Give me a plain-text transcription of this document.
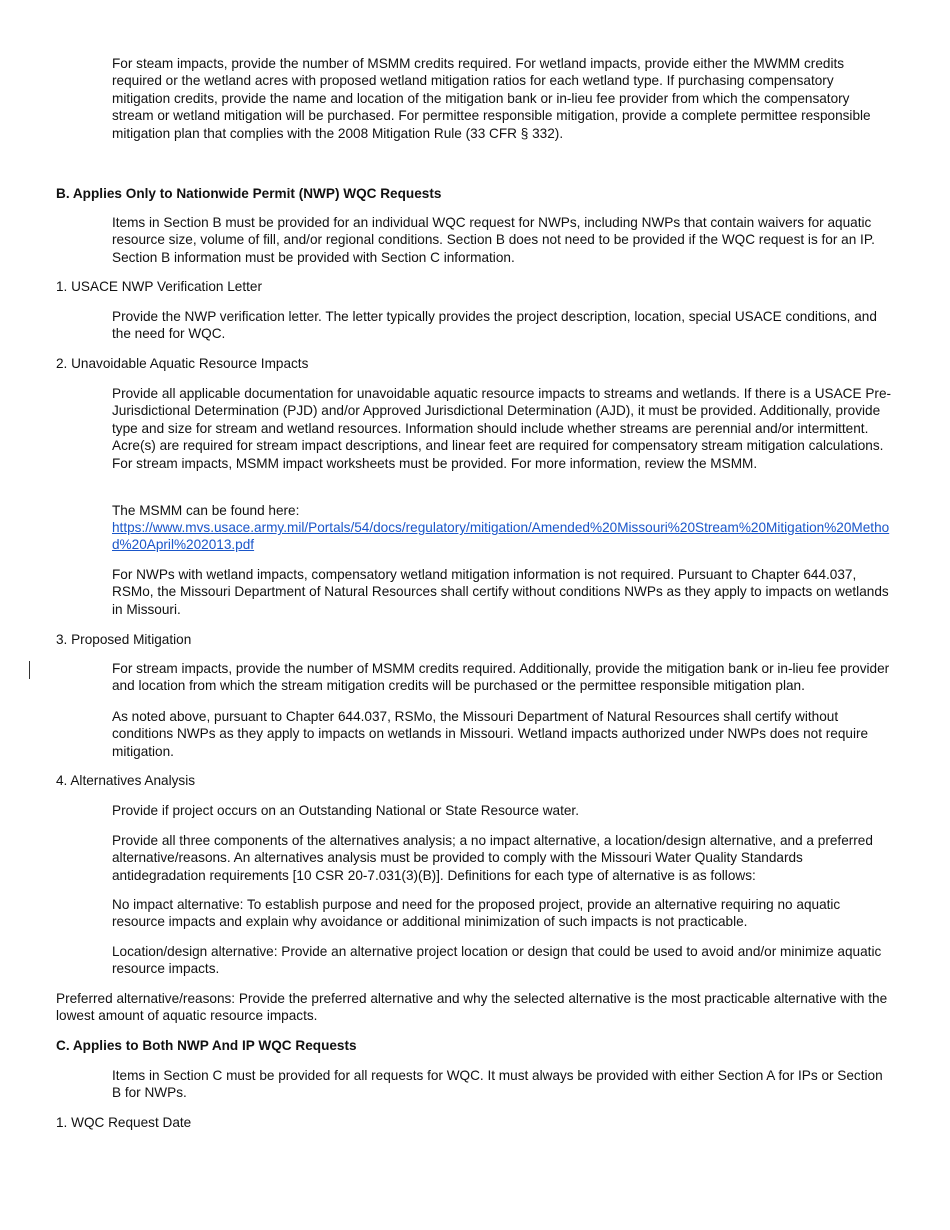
For steam impacts, provide the number of MSMM credits required. For wetland impacts, provide either the MWMM credits required or the wetland acres with proposed wetland mitigation ratios for each wetland type. If purchasing compensatory mitigation credits, provide the name and location of the mitigation bank or in-lieu fee provider from which the compensatory stream or wetland mitigation will be purchased. For permittee responsible mitigation, provide a complete permittee responsible mitigation plan that complies with the 2008 Mitigation Rule (33 CFR § 332).

B. Applies Only to Nationwide Permit (NWP) WQC Requests

Items in Section B must be provided for an individual WQC request for NWPs, including NWPs that contain waivers for aquatic resource size, volume of fill, and/or regional conditions. Section B does not need to be provided if the WQC request is for an IP. Section B information must be provided with Section C information.

1. USACE NWP Verification Letter

Provide the NWP verification letter. The letter typically provides the project description, location, special USACE conditions, and the need for WQC.

2. Unavoidable Aquatic Resource Impacts

Provide all applicable documentation for unavoidable aquatic resource impacts to streams and wetlands. If there is a USACE Pre-Jurisdictional Determination (PJD) and/or Approved Jurisdictional Determination (AJD), it must be provided. Additionally, provide type and size for stream and wetland resources. Information should include whether streams are perennial and/or intermittent. Acre(s) are required for stream impact descriptions, and linear feet are required for compensatory stream mitigation calculations. For stream impacts, MSMM impact worksheets must be provided. For more information, review the MSMM.

The MSMM can be found here:

https://www.mvs.usace.army.mil/Portals/54/docs/regulatory/mitigation/Amended%20Missouri%20Stream%20Mitigation%20Method%20April%202013.pdf

For NWPs with wetland impacts, compensatory wetland mitigation information is not required. Pursuant to Chapter 644.037, RSMo, the Missouri Department of Natural Resources shall certify without conditions NWPs as they apply to impacts on wetlands in Missouri.

3. Proposed Mitigation

For stream impacts, provide the number of MSMM credits required. Additionally, provide the mitigation bank or in-lieu fee provider and location from which the stream mitigation credits will be purchased or the permittee responsible mitigation plan.

As noted above, pursuant to Chapter 644.037, RSMo, the Missouri Department of Natural Resources shall certify without conditions NWPs as they apply to impacts on wetlands in Missouri. Wetland impacts authorized under NWPs does not require mitigation.

4. Alternatives Analysis

Provide if project occurs on an Outstanding National or State Resource water.

Provide all three components of the alternatives analysis; a no impact alternative, a location/design alternative, and a preferred alternative/reasons. An alternatives analysis must be provided to comply with the Missouri Water Quality Standards antidegradation requirements [10 CSR 20-7.031(3)(B)]. Definitions for each type of alternative is as follows:

No impact alternative: To establish purpose and need for the proposed project, provide an alternative requiring no aquatic resource impacts and explain why avoidance or additional minimization of such impacts is not practicable.

Location/design alternative: Provide an alternative project location or design that could be used to avoid and/or minimize aquatic resource impacts.

Preferred alternative/reasons: Provide the preferred alternative and why the selected alternative is the most practicable alternative with the lowest amount of aquatic resource impacts.

C. Applies to Both NWP And IP WQC Requests

Items in Section C must be provided for all requests for WQC. It must always be provided with either Section A for IPs or Section B for NWPs.

1. WQC Request Date
